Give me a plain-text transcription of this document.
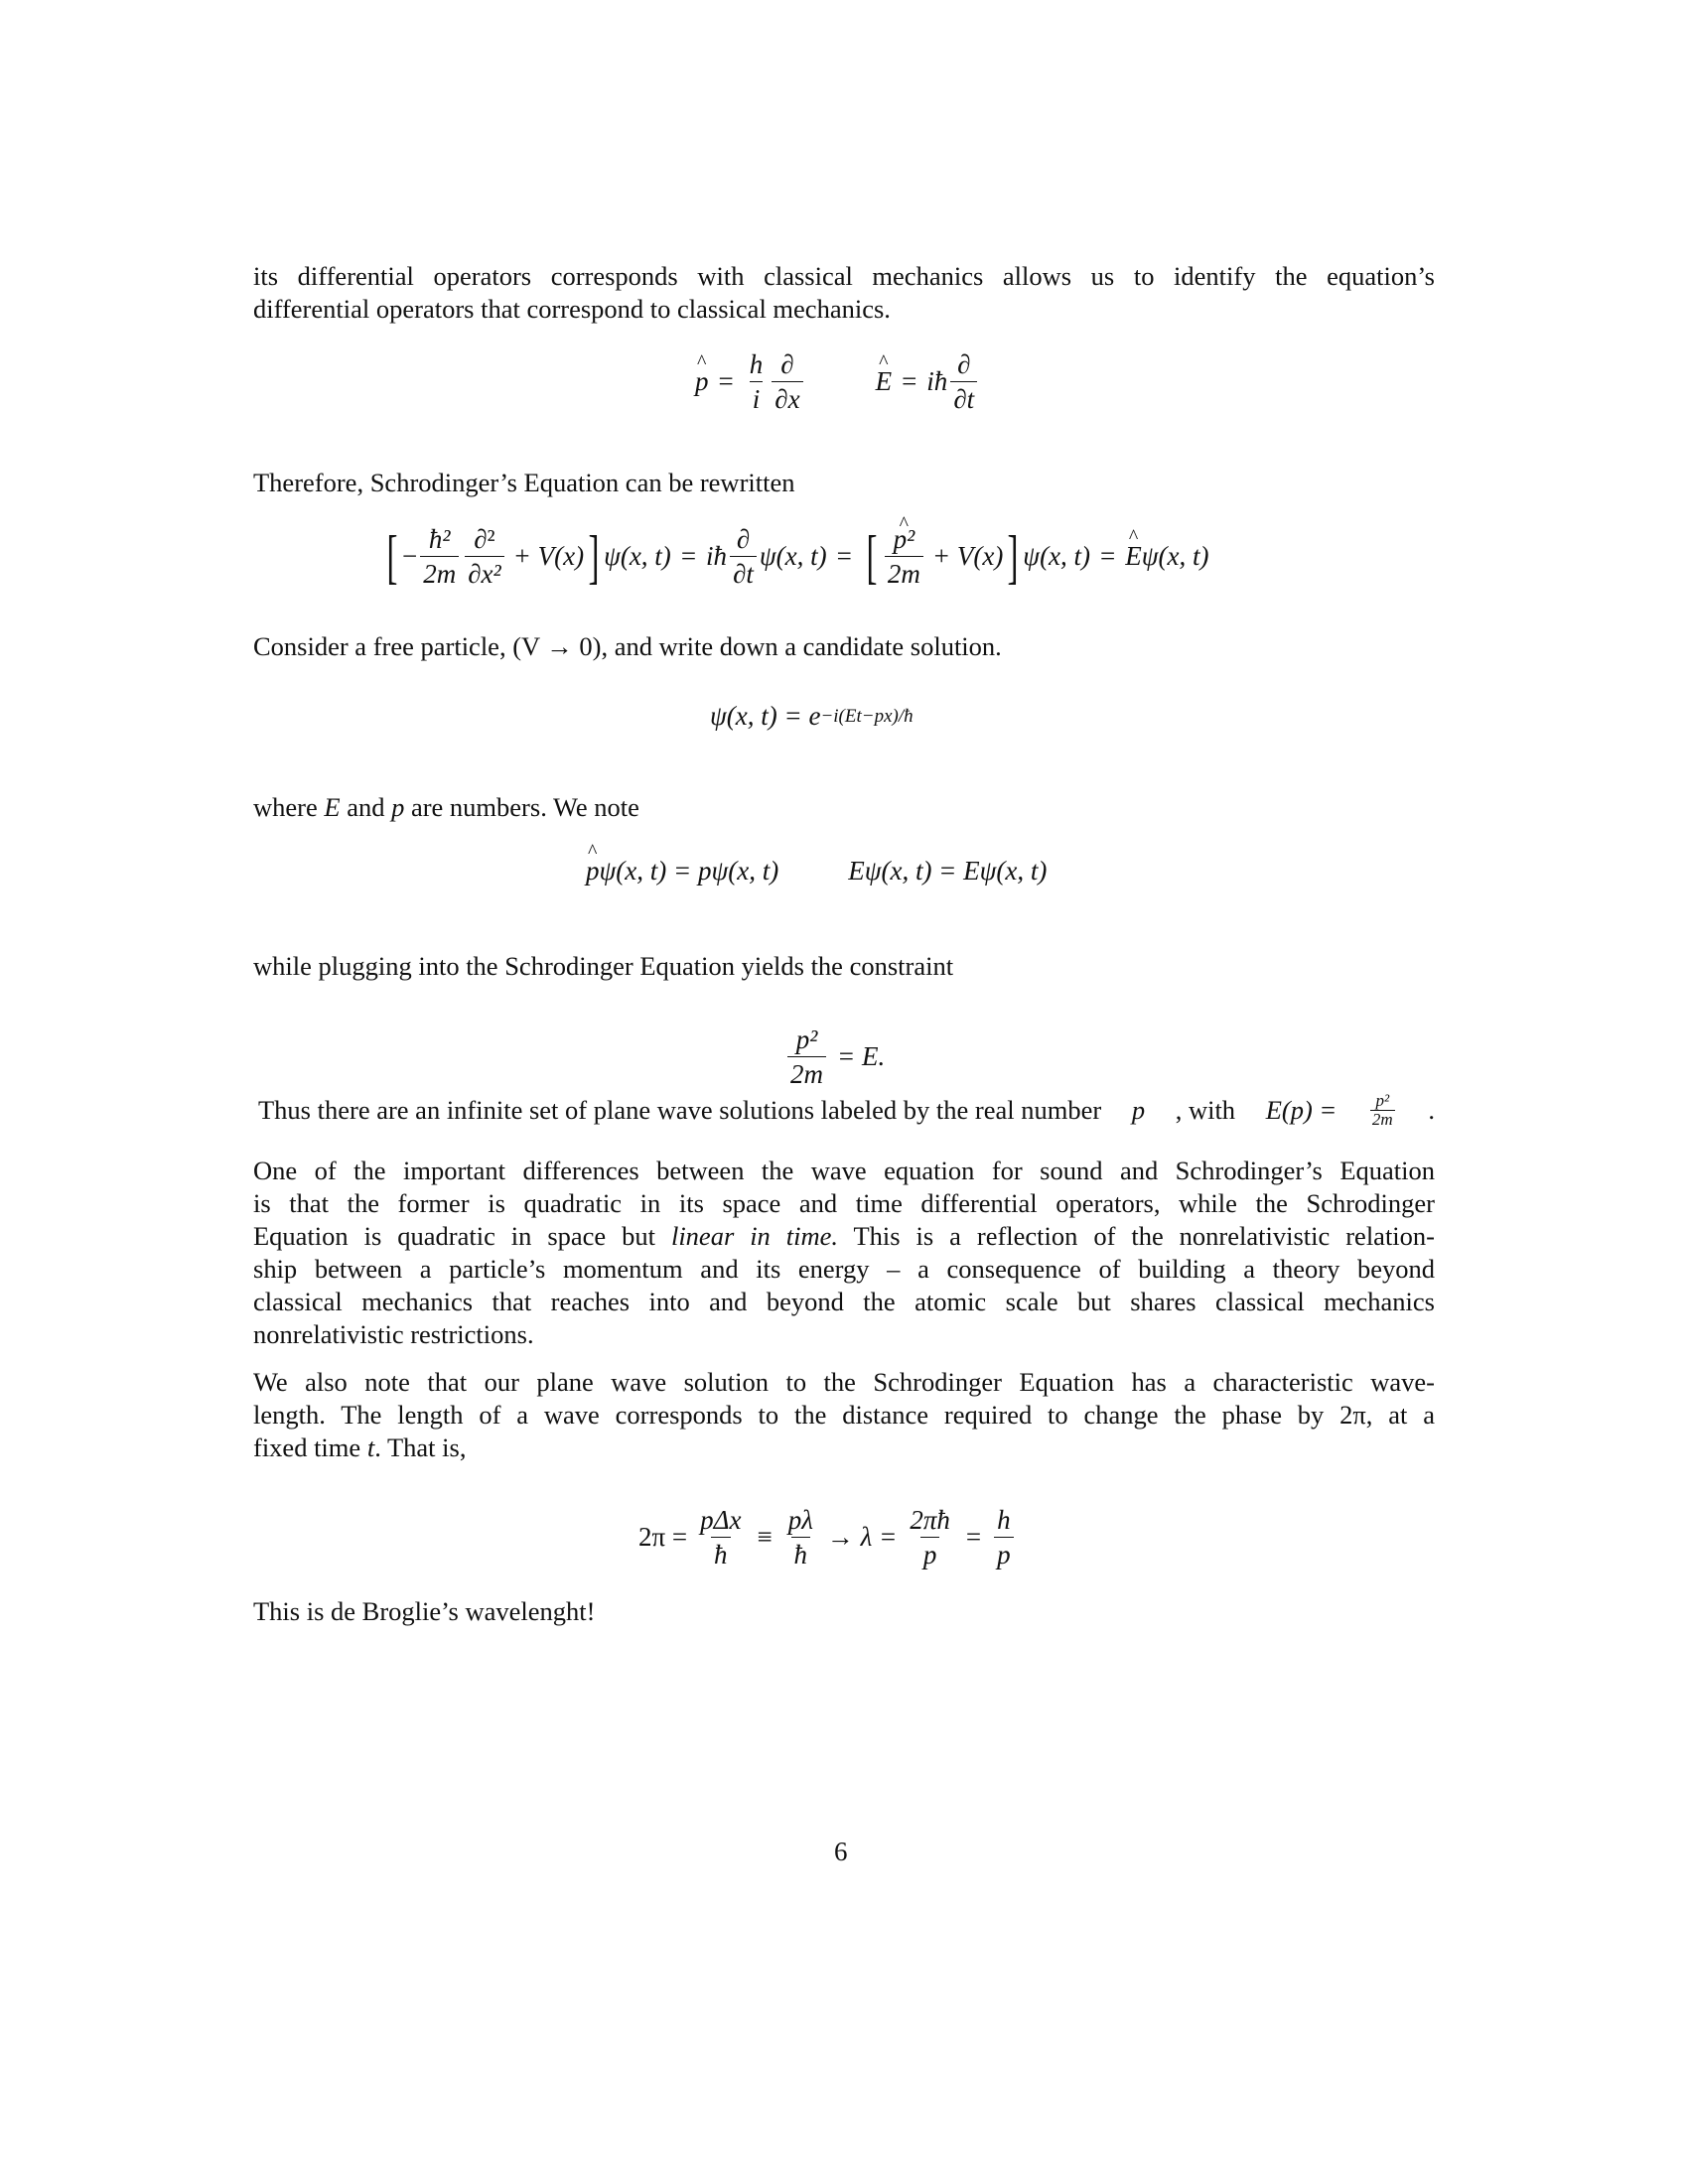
its differential operators corresponds with classical mechanics allows us to identify the equation’s
differential operators that correspond to classical mechanics.
^ $p = \frac{h}{i} \frac{\partial}{\partial x}$	^ E = iħ $\frac{\partial}{\partial t}$
Therefore, Schrodinger’s Equation can be rewritten
[ − $\frac{\text{ħ²}}{2m} \frac{\text{∂²}}{\text{∂x²}} + V(x)$ ] ψ(x, t) = iħ $\frac{\partial}{\partial t} \psi(x$, t) = [ ^ $\frac{\text{p²}}{2m} + V(x)$ ] ψ(x, t) = ^ E ψ(x, t)
Consider a free particle, (V → 0), and write down a candidate solution.
ψ(x, t) = e −i(Et−px)/ħ
where E and p are numbers. We note
^ p ψ(x, t) = pψ(x, t)	Eψ(x, t) = Eψ(x, t)
while plugging into the Schrodinger Equation yields the constraint
$\frac{\text{p²}}{2m} = E$.
Thus there are an infinite set of plane wave solutions labeled by the real number p , with $E(p) = \frac{\text{p²}}{2m}$ .
One of the important differences between the wave equation for sound and Schrodinger’s Equation
is that the former is quadratic in its space and time differential operators, while the Schrodinger
Equation is quadratic in space but linear in time. This is a reflection of the nonrelativistic relation-
ship between a particle’s momentum and its energy – a consequence of building a theory beyond
classical mechanics that reaches into and beyond the atomic scale but shares classical mechanics
nonrelativistic restrictions.
We also note that our plane wave solution to the Schrodinger Equation has a characteristic wave-
length. The length of a wave corresponds to the distance required to change the phase by 2π, at a
fixed time t. That is,
$2\pi = \frac{\text{pΔx}}{ħ} \equiv \frac{p\lambda}{ħ} \to \lambda = \frac{2\pi ħ}{p} = \frac{h}{p}$
This is de Broglie’s wavelenght!
6
